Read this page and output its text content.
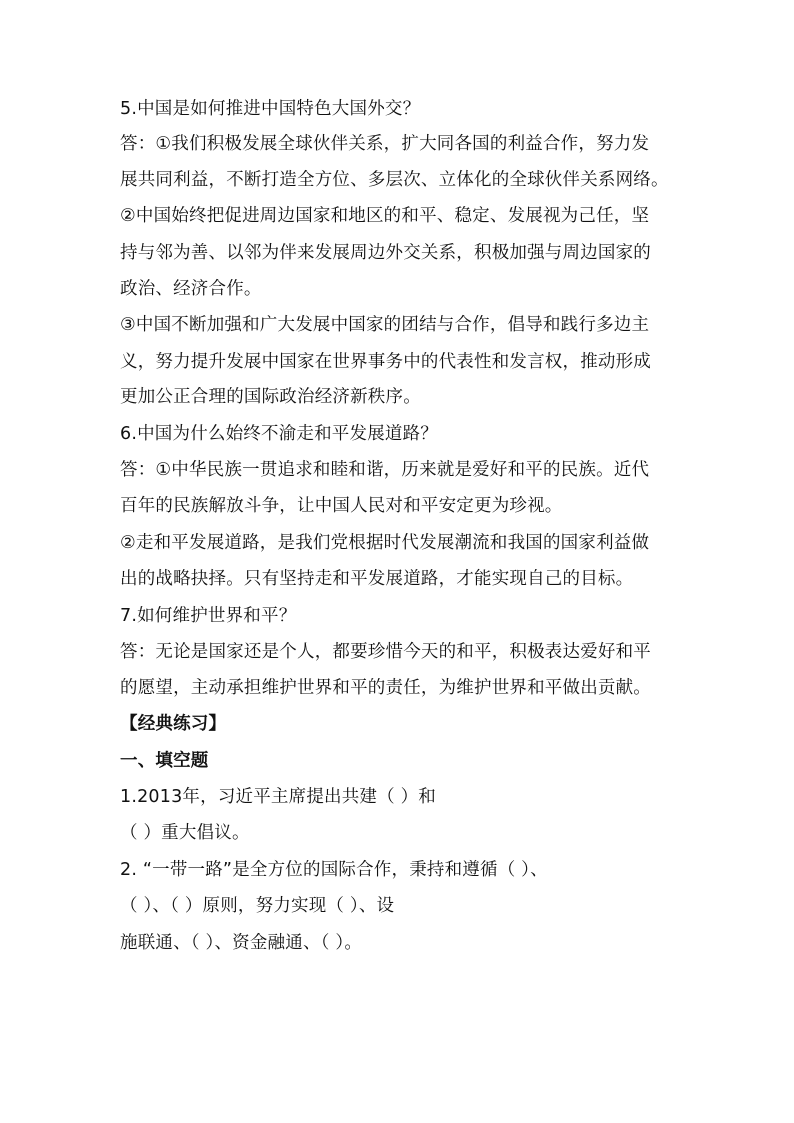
5.中国是如何推进中国特色大国外交？
答：①我们积极发展全球伙伴关系，扩大同各国的利益合作，努力发
展共同利益，不断打造全方位、多层次、立体化的全球伙伴关系网络。
②中国始终把促进周边国家和地区的和平、稳定、发展视为己任，坚
持与邻为善、以邻为伴来发展周边外交关系，积极加强与周边国家的
政治、经济合作。
③中国不断加强和广大发展中国家的团结与合作，倡导和践行多边主
义，努力提升发展中国家在世界事务中的代表性和发言权，推动形成
更加公正合理的国际政治经济新秩序。
6.中国为什么始终不渝走和平发展道路？
答：①中华民族一贯追求和睦和谐，历来就是爱好和平的民族。近代
百年的民族解放斗争，让中国人民对和平安定更为珍视。
②走和平发展道路，是我们党根据时代发展潮流和我国的国家利益做
出的战略抉择。只有坚持走和平发展道路，才能实现自己的目标。
7.如何维护世界和平？
答：无论是国家还是个人，都要珍惜今天的和平，积极表达爱好和平
的愿望，主动承担维护世界和平的责任，为维护世界和平做出贡献。
【经典练习】
一、填空题
1.2013年，习近平主席提出共建（ ）和
（ ）重大倡议。
2. “一带一路”是全方位的国际合作，秉持和遵循（ ）、
（ ）、（ ）原则，努力实现（ ）、设
施联通、（ ）、资金融通、（ ）。
